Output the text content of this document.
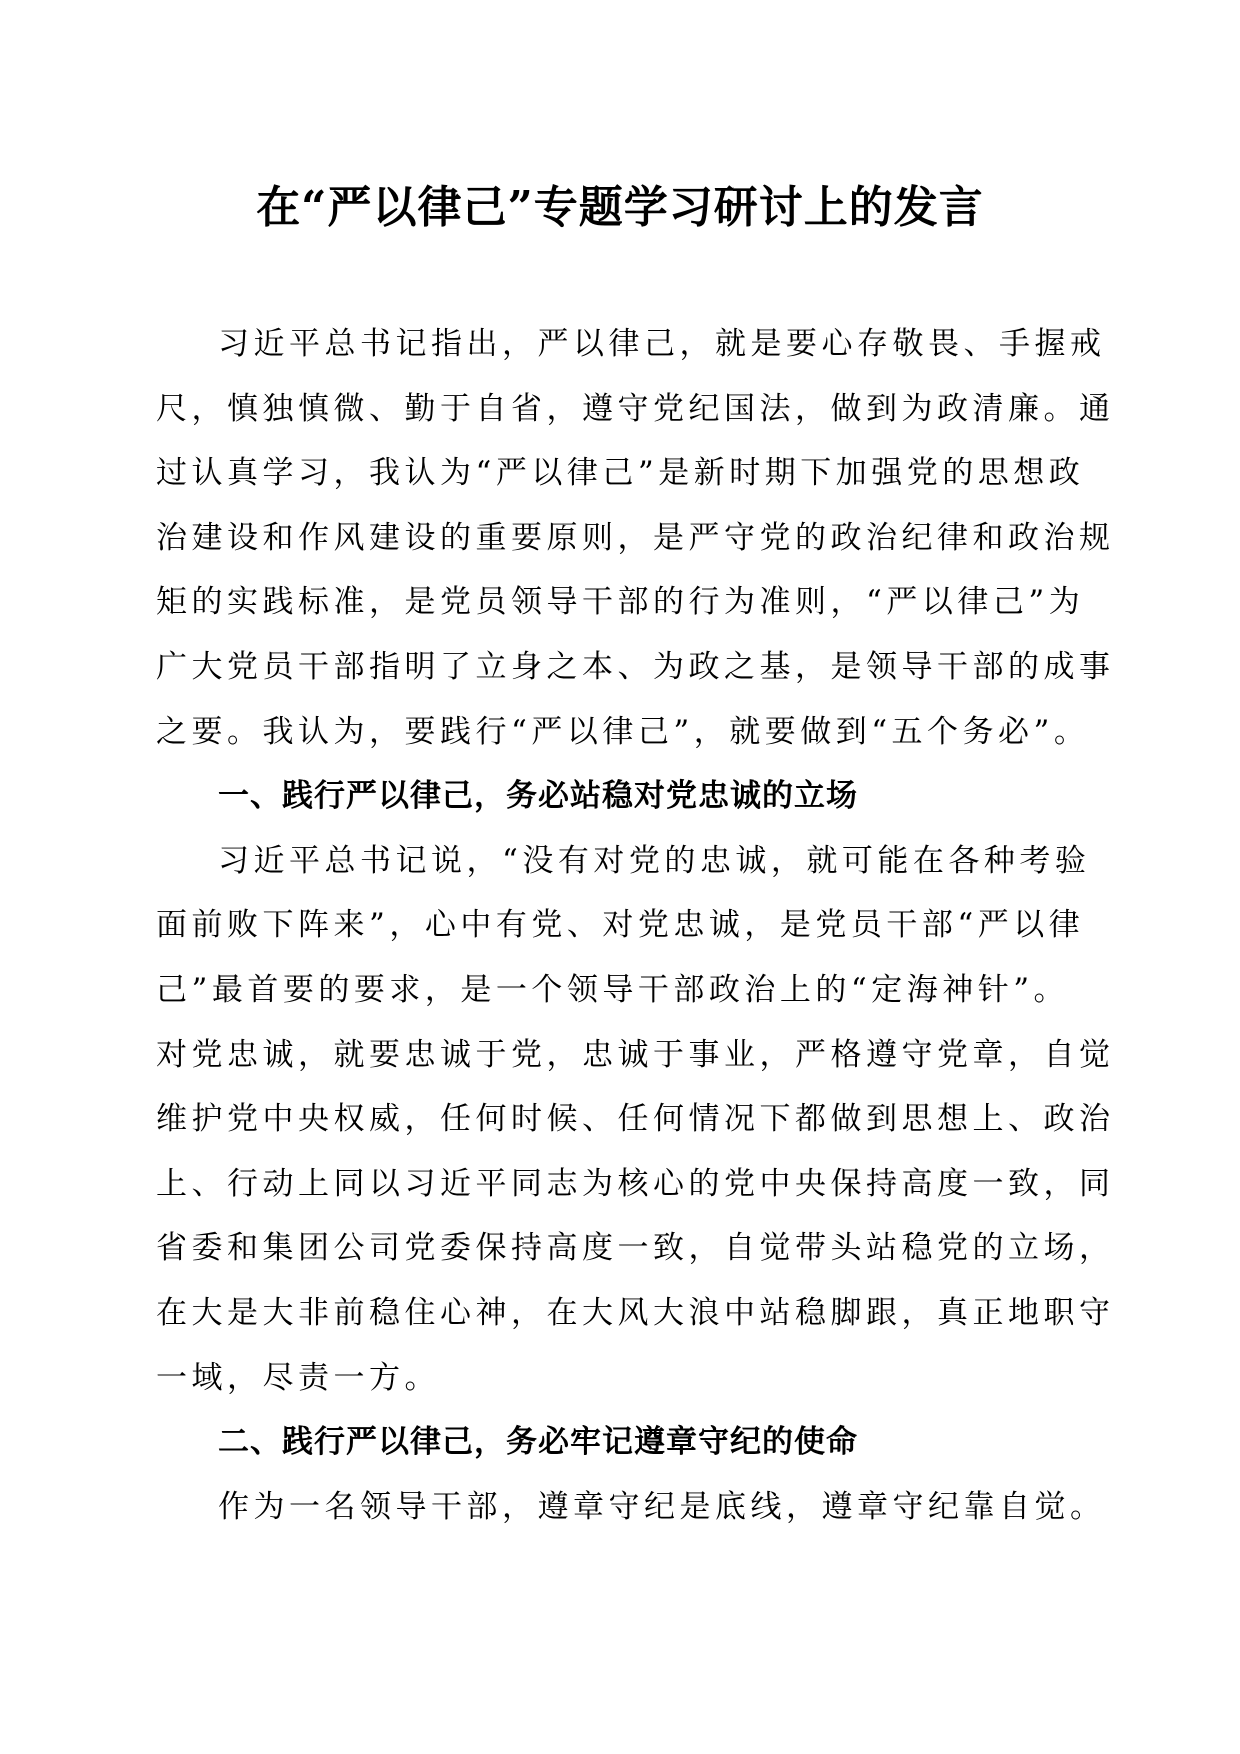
在“严以律己”专题学习研讨上的发言
习近平总书记指出，严以律己，就是要心存敬畏、手握戒
尺，慎独慎微、勤于自省，遵守党纪国法，做到为政清廉。通
过认真学习，我认为“严以律己”是新时期下加强党的思想政
治建设和作风建设的重要原则，是严守党的政治纪律和政治规
矩的实践标准，是党员领导干部的行为准则，“严以律己”为
广大党员干部指明了立身之本、为政之基，是领导干部的成事
之要。我认为，要践行“严以律己”，就要做到“五个务必”。
一、践行严以律己，务必站稳对党忠诚的立场
习近平总书记说，“没有对党的忠诚，就可能在各种考验
面前败下阵来”，心中有党、对党忠诚，是党员干部“严以律
己”最首要的要求，是一个领导干部政治上的“定海神针”。
对党忠诚，就要忠诚于党，忠诚于事业，严格遵守党章，自觉
维护党中央权威，任何时候、任何情况下都做到思想上、政治
上、行动上同以习近平同志为核心的党中央保持高度一致，同
省委和集团公司党委保持高度一致，自觉带头站稳党的立场，
在大是大非前稳住心神，在大风大浪中站稳脚跟，真正地职守
一域，尽责一方。
二、践行严以律己，务必牢记遵章守纪的使命
作为一名领导干部，遵章守纪是底线，遵章守纪靠自觉。
